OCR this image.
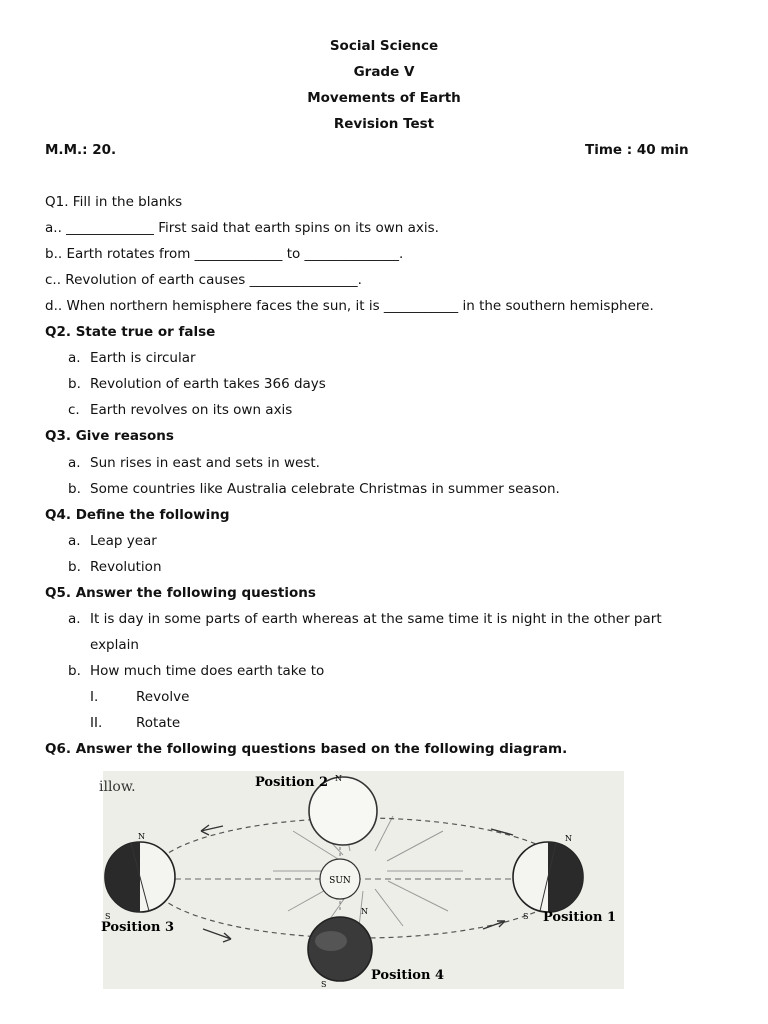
Social Science
Grade V
Movements of Earth
Revision Test
M.M.: 20.	Time : 40 min
Q1. Fill in the blanks
a.. _____________ First said that earth spins on its own axis.
b.. Earth rotates from _____________ to ______________.
c.. Revolution of earth causes ________________.
d.. When northern hemisphere faces the sun, it is ___________ in the southern hemisphere.
Q2. State true or false
a. Earth is circular
b. Revolution of earth takes 366 days
c. Earth revolves on its own axis
Q3. Give reasons
a. Sun rises in east and sets in west.
b. Some countries like Australia celebrate Christmas in summer season.
Q4. Define the following
a. Leap year
b. Revolution
Q5. Answer the following questions
a. It is day in some parts of earth whereas at the same time it is night in the other part
explain
b. How much time does earth take to
I.	Revolve
II. Rotate
Q6. Answer the following questions based on the following diagram.
SUN
Position 2 N
Position 3
N
S	Position 1
N
S
Position 4
N
S
illow.
